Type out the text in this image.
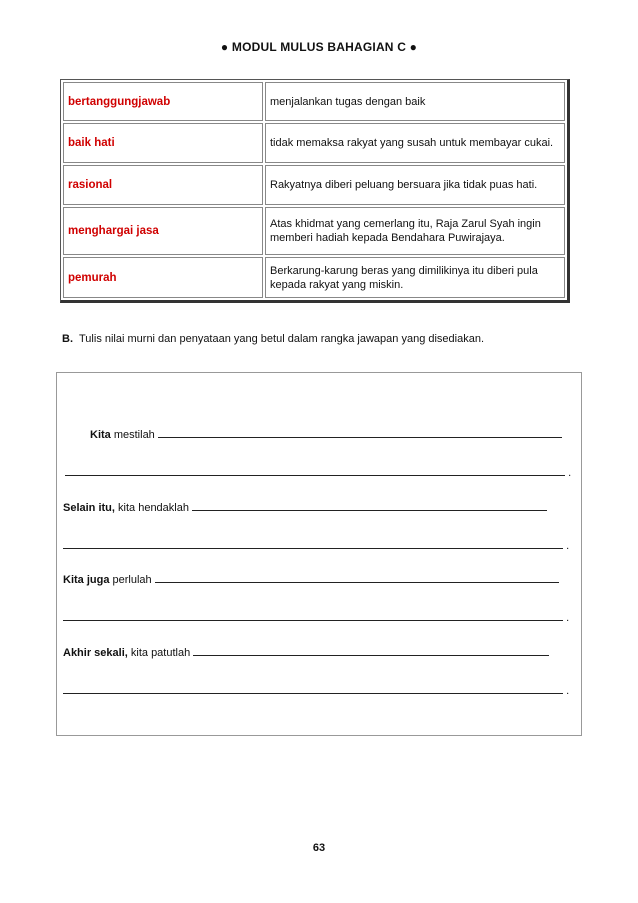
● MODUL MULUS BAHAGIAN C ●
bertanggungjawab	menjalankan tugas dengan baik
baik hati	tidak memaksa rakyat yang susah untuk membayar cukai.
rasional	Rakyatnya diberi peluang bersuara jika tidak puas hati.
menghargai jasa	Atas khidmat yang cemerlang itu, Raja Zarul Syah ingin memberi hadiah kepada Bendahara Puwirajaya.
pemurah	Berkarung-karung beras yang dimilikinya itu diberi pula kepada rakyat yang miskin.
B. Tulis nilai murni dan penyataan yang betul dalam rangka jawapan yang disediakan.
Kita mestilah
.
Selain itu, kita hendaklah
.
Kita juga perlulah
.
Akhir sekali, kita patutlah
.
63
